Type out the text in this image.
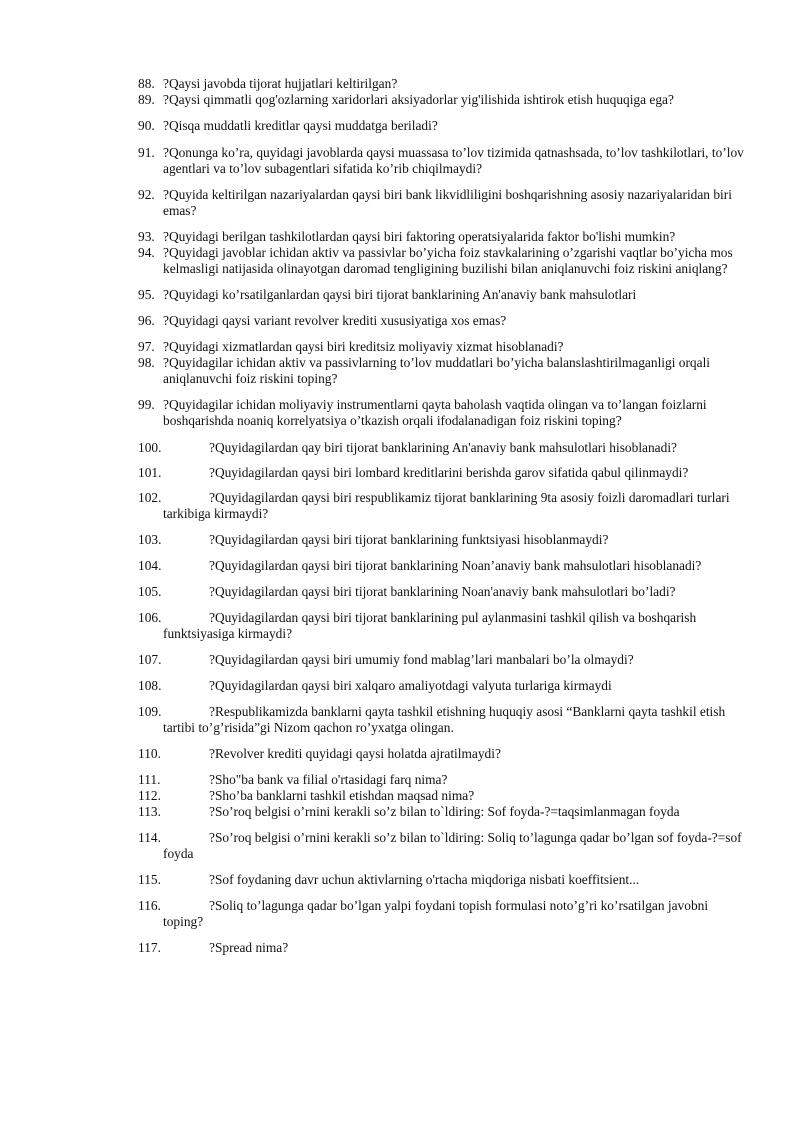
88. ?Qaysi javobda tijorat hujjatlari keltirilgan?
89. ?Qaysi qimmatli qog'ozlarning xaridorlari aksiyadorlar yig'ilishida ishtirok etish huquqiga ega?
90. ?Qisqa muddatli kreditlar qaysi muddatga beriladi?
91. ?Qonunga ko’ra, quyidagi javoblarda qaysi muassasa to’lov tizimida qatnashsada, to’lov tashkilotlari, to’lov agentlari va to’lov subagentlari sifatida ko’rib chiqilmaydi?
92. ?Quyida keltirilgan nazariyalardan qaysi biri bank likvidliligini boshqarishning asosiy nazariyalaridan biri emas?
93. ?Quyidagi berilgan tashkilotlardan qaysi biri faktoring operatsiyalarida faktor bo'lishi mumkin?
94. ?Quyidagi javoblar ichidan aktiv va passivlar bo’yicha foiz stavkalarining o’zgarishi vaqtlar bo’yicha mos kelmasligi natijasida olinayotgan daromad tengligining buzilishi bilan aniqlanuvchi foiz riskini aniqlang?
95. ?Quyidagi ko’rsatilganlardan qaysi biri tijorat banklarining An'anaviy bank mahsulotlari
96. ?Quyidagi qaysi variant revolver krediti xususiyatiga xos emas?
97. ?Quyidagi xizmatlardan qaysi biri kreditsiz moliyaviy xizmat hisoblanadi?
98. ?Quyidagilar ichidan aktiv va passivlarning to’lov muddatlari bo’yicha balanslashtirilmaganligi orqali aniqlanuvchi foiz riskini toping?
99. ?Quyidagilar ichidan moliyaviy instrumentlarni qayta baholash vaqtida olingan va to’langan foizlarni boshqarishda noaniq korrelyatsiya o’tkazish orqali ifodalanadigan foiz riskini toping?
100.	?Quyidagilardan qay biri tijorat banklarining An'anaviy bank mahsulotlari hisoblanadi?
101.	?Quyidagilardan qaysi biri lombard kreditlarini berishda garov sifatida qabul qilinmaydi?
102.	?Quyidagilardan qaysi biri respublikamiz tijorat banklarining 9ta asosiy foizli daromadlari turlari tarkibiga kirmaydi?
103.	?Quyidagilardan qaysi biri tijorat banklarining funktsiyasi hisoblanmaydi?
104.	?Quyidagilardan qaysi biri tijorat banklarining Noan’anaviy bank mahsulotlari hisoblanadi?
105.	?Quyidagilardan qaysi biri tijorat banklarining Noan'anaviy bank mahsulotlari bo’ladi?
106.	?Quyidagilardan qaysi biri tijorat banklarining pul aylanmasini tashkil qilish va boshqarish funktsiyasiga kirmaydi?
107.	?Quyidagilardan qaysi biri umumiy fond mablag’lari manbalari bo’la olmaydi?
108.	?Quyidagilardan qaysi biri xalqaro amaliyotdagi valyuta turlariga kirmaydi
109.	?Respublikamizda banklarni qayta tashkil etishning huquqiy asosi “Banklarni qayta tashkil etish tartibi to’g’risida”gi Nizom qachon ro’yxatga olingan.
110.	?Revolver krediti quyidagi qaysi holatda ajratilmaydi?
111.	?Sho"ba bank va filial o'rtasidagi farq nima?
112.	?Sho’ba banklarni tashkil etishdan maqsad nima?
113.	?So’roq belgisi o’rnini kerakli so’z bilan to`ldiring: Sof foyda-?=taqsimlanmagan foyda
114.	?So’roq belgisi o’rnini kerakli so’z bilan to`ldiring: Soliq to’lagunga qadar bo’lgan sof foyda-?=sof foyda
115.	?Sof foydaning davr uchun aktivlarning o'rtacha miqdoriga nisbati koeffitsient...
116.	?Soliq to’lagunga qadar bo’lgan yalpi foydani topish formulasi noto’g’ri ko’rsatilgan javobni toping?
117.	?Spread nima?
